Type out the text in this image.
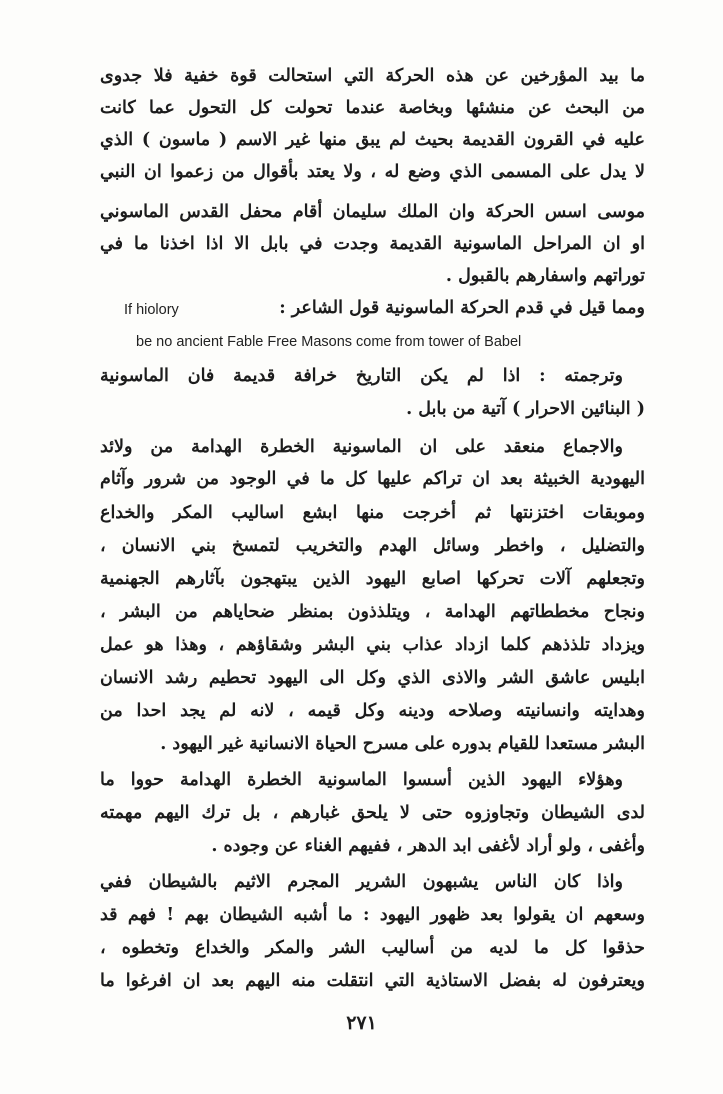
ما بيد المؤرخين عن هذه الحركة التي استحالت قوة خفية فلا جدوى
من البحث عن منشئها وبخاصة عندما تحولت كل التحول عما كانت
عليه في القرون القديمة بحيث لم يبق منها غير الاسم ( ماسون ) الذي
لا يدل على المسمى الذي وضع له ، ولا يعتد بأقوال من زعموا ان النبي
موسى اسس الحركة وان الملك سليمان أقام محفل القدس الماسوني
او ان المراحل الماسونية القديمة وجدت في بابل الا اذا اخذنا ما في
توراتهم واسفارهم بالقبول .
ومما قيل في قدم الحركة الماسونية قول الشاعر :
If hiolory
be no ancient Fable Free Masons come from tower of Babel
وترجمته : اذا لم يكن التاريخ خرافة قديمة فان الماسونية
( البنائين الاحرار ) آتية من بابل .
والاجماع منعقد على ان الماسونية الخطرة الهدامة من ولائد
اليهودية الخبيثة بعد ان تراكم عليها كل ما في الوجود من شرور وآثام
وموبقات اختزنتها ثم أخرجت منها ابشع اساليب المكر والخداع
والتضليل ، واخطر وسائل الهدم والتخريب لتمسخ بني الانسان ،
وتجعلهم آلات تحركها اصابع اليهود الذين يبتهجون بآثارهم الجهنمية
ونجاح مخططاتهم الهدامة ، ويتلذذون بمنظر ضحاياهم من البشر ،
ويزداد تلذذهم كلما ازداد عذاب بني البشر وشقاؤهم ، وهذا هو عمل
ابليس عاشق الشر والاذى الذي وكل الى اليهود تحطيم رشد الانسان
وهدايته وانسانيته وصلاحه ودينه وكل قيمه ، لانه لم يجد احدا من
البشر مستعدا للقيام بدوره على مسرح الحياة الانسانية غير اليهود .
وهؤلاء اليهود الذين أسسوا الماسونية الخطرة الهدامة حووا ما
لدى الشيطان وتجاوزوه حتى لا يلحق غبارهم ، بل ترك اليهم مهمته
وأغفى ، ولو أراد لأغفى ابد الدهر ، ففيهم الغناء عن وجوده .
واذا كان الناس يشبهون الشرير المجرم الاثيم بالشيطان ففي
وسعهم ان يقولوا بعد ظهور اليهود : ما أشبه الشيطان بهم ! فهم قد
حذقوا كل ما لديه من أساليب الشر والمكر والخداع وتخطوه ،
ويعترفون له بفضل الاستاذية التي انتقلت منه اليهم بعد ان افرغوا ما
٢٧١
